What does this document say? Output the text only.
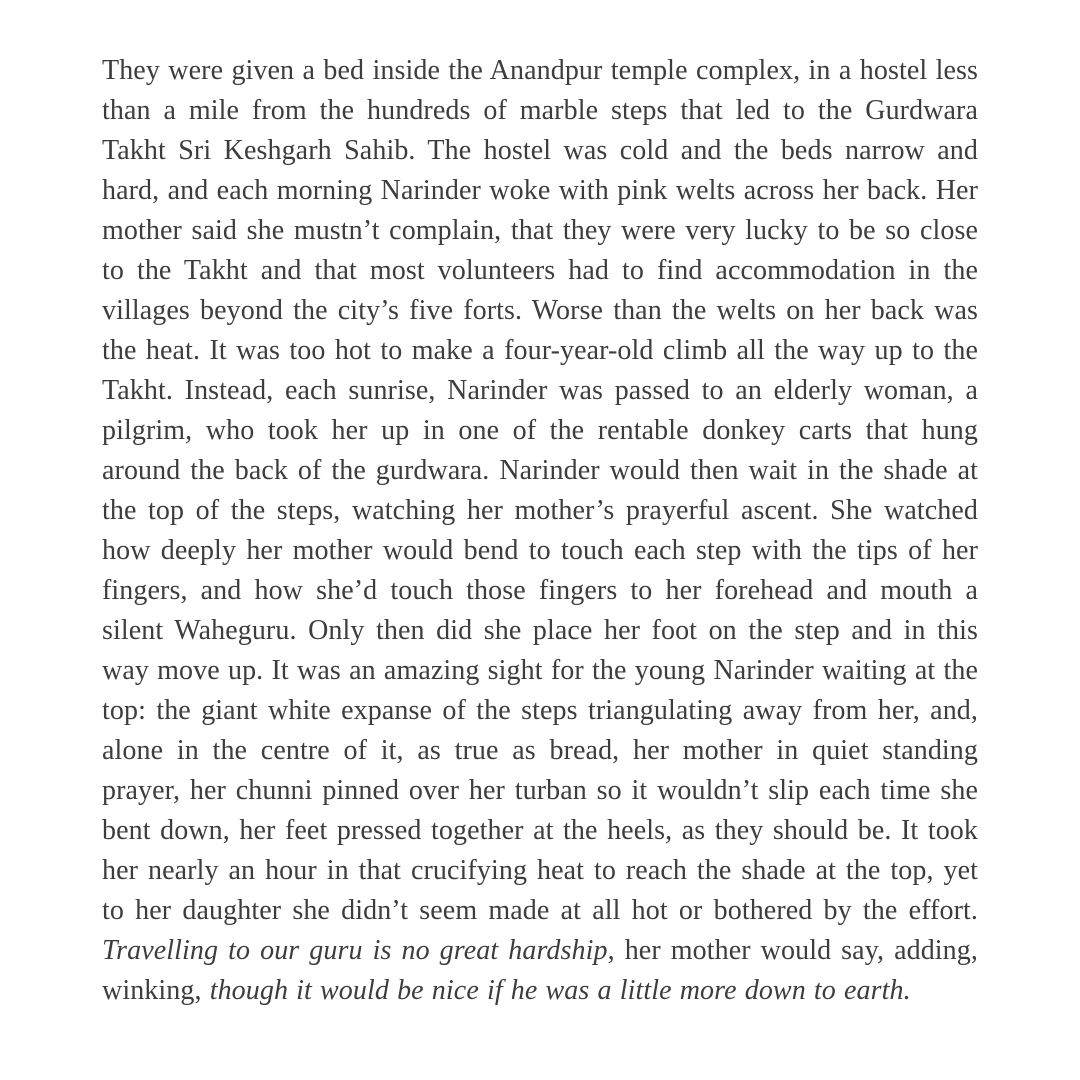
They were given a bed inside the Anandpur temple complex, in a hostel less than a mile from the hundreds of marble steps that led to the Gurdwara Takht Sri Keshgarh Sahib. The hostel was cold and the beds narrow and hard, and each morning Narinder woke with pink welts across her back. Her mother said she mustn’t complain, that they were very lucky to be so close to the Takht and that most volunteers had to find accommodation in the villages beyond the city’s five forts. Worse than the welts on her back was the heat. It was too hot to make a four-year-old climb all the way up to the Takht. Instead, each sunrise, Narinder was passed to an elderly woman, a pilgrim, who took her up in one of the rentable donkey carts that hung around the back of the gurdwara. Narinder would then wait in the shade at the top of the steps, watching her mother’s prayerful ascent. She watched how deeply her mother would bend to touch each step with the tips of her fingers, and how she’d touch those fingers to her forehead and mouth a silent Waheguru. Only then did she place her foot on the step and in this way move up. It was an amazing sight for the young Narinder waiting at the top: the giant white expanse of the steps triangulating away from her, and, alone in the centre of it, as true as bread, her mother in quiet standing prayer, her chunni pinned over her turban so it wouldn’t slip each time she bent down, her feet pressed together at the heels, as they should be. It took her nearly an hour in that crucifying heat to reach the shade at the top, yet to her daughter she didn’t seem made at all hot or bothered by the effort. Travelling to our guru is no great hardship, her mother would say, adding, winking, though it would be nice if he was a little more down to earth.
